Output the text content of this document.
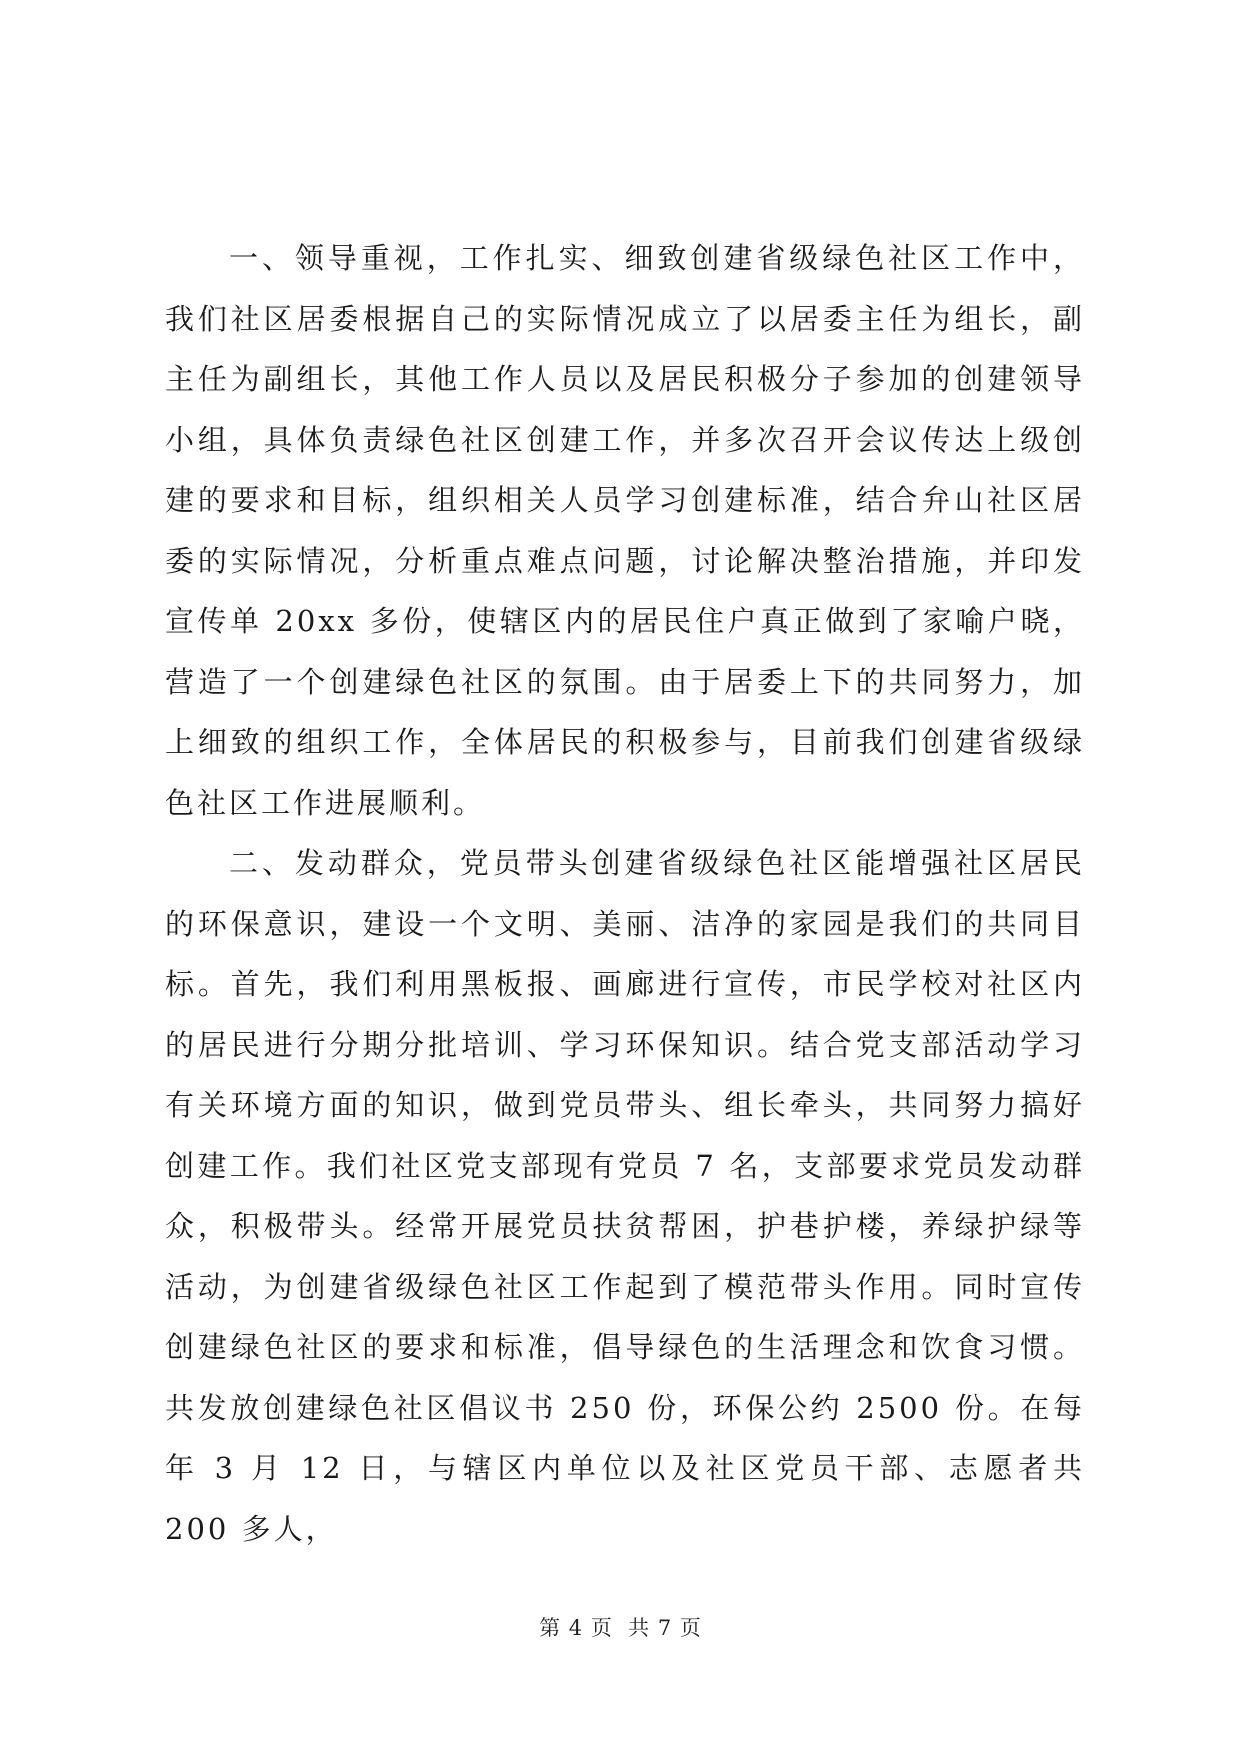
一、领导重视，工作扎实、细致创建省级绿色社区工作中，我们社区居委根据自己的实际情况成立了以居委主任为组长，副主任为副组长，其他工作人员以及居民积极分子参加的创建领导小组，具体负责绿色社区创建工作，并多次召开会议传达上级创建的要求和目标，组织相关人员学习创建标准，结合弁山社区居委的实际情况，分析重点难点问题，讨论解决整治措施，并印发宣传单 20xx 多份，使辖区内的居民住户真正做到了家喻户晓，营造了一个创建绿色社区的氛围。由于居委上下的共同努力，加上细致的组织工作，全体居民的积极参与，目前我们创建省级绿色社区工作进展顺利。

二、发动群众，党员带头创建省级绿色社区能增强社区居民的环保意识，建设一个文明、美丽、洁净的家园是我们的共同目标。首先，我们利用黑板报、画廊进行宣传，市民学校对社区内的居民进行分期分批培训、学习环保知识。结合党支部活动学习有关环境方面的知识，做到党员带头、组长牵头，共同努力搞好创建工作。我们社区党支部现有党员 7 名，支部要求党员发动群众，积极带头。经常开展党员扶贫帮困，护巷护楼，养绿护绿等活动，为创建省级绿色社区工作起到了模范带头作用。同时宣传创建绿色社区的要求和标准，倡导绿色的生活理念和饮食习惯。共发放创建绿色社区倡议书 250 份，环保公约 2500 份。在每年 3 月 12 日，与辖区内单位以及社区党员干部、志愿者共 200 多人，

第 4 页  共 7 页
